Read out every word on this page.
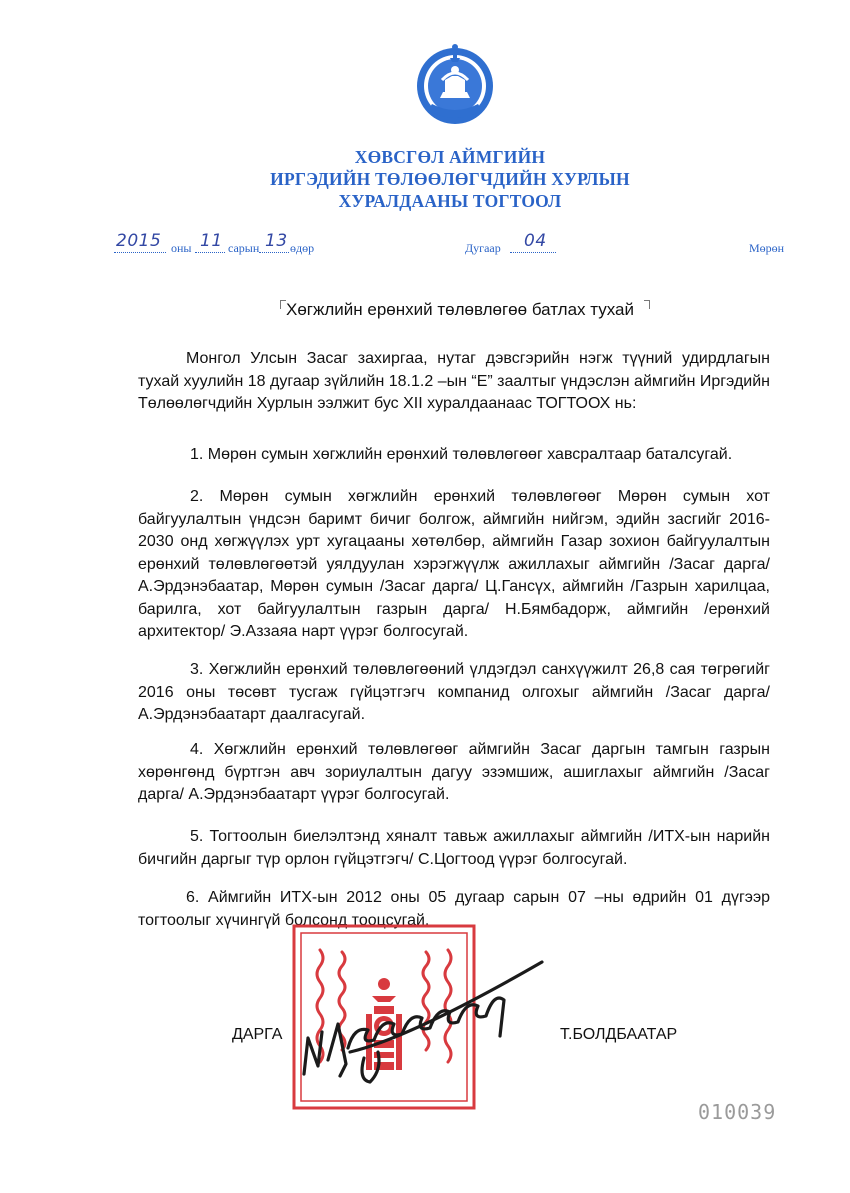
ХӨВСГӨЛ АЙМГИЙН
ИРГЭДИЙН ТӨЛӨӨЛӨГЧДИЙН ХУРЛЫН
ХУРАЛДААНЫ ТОГТООЛ
2015 оны 11 сарын 13 өдөр	Дугаар 04	Мөрөн
Хөгжлийн ерөнхий төлөвлөгөө батлах тухай
Монгол Улсын Засаг захиргаа, нутаг дэвсгэрийн нэгж түүний удирдлагын тухай хуулийн 18 дугаар зүйлийн 18.1.2 –ын “Е” заалтыг үндэслэн аймгийн Иргэдийн Төлөөлөгчдийн Хурлын ээлжит бус XII хуралдаанаас ТОГТООХ нь:
1. Мөрөн сумын хөгжлийн ерөнхий төлөвлөгөөг хавсралтаар баталсугай.
2. Мөрөн сумын хөгжлийн ерөнхий төлөвлөгөөг Мөрөн сумын хот байгуулалтын үндсэн баримт бичиг болгож, аймгийн нийгэм, эдийн засгийг 2016-2030 онд хөгжүүлэх урт хугацааны хөтөлбөр, аймгийн Газар зохион байгуулалтын ерөнхий төлөвлөгөөтэй уялдуулан хэрэгжүүлж ажиллахыг аймгийн /Засаг дарга/ А.Эрдэнэбаатар, Мөрөн сумын /Засаг дарга/ Ц.Гансүх, аймгийн /Газрын харилцаа, барилга, хот байгуулалтын газрын дарга/ Н.Бямбадорж, аймгийн /ерөнхий архитектор/ Э.Аззаяа нарт үүрэг болгосугай.
3. Хөгжлийн ерөнхий төлөвлөгөөний үлдэгдэл санхүүжилт 26,8 сая төгрөгийг 2016 оны төсөвт тусгаж гүйцэтгэгч компанид олгохыг аймгийн /Засаг дарга/ А.Эрдэнэбаатарт даалгасугай.
4. Хөгжлийн ерөнхий төлөвлөгөөг аймгийн Засаг даргын тамгын газрын хөрөнгөнд бүртгэн авч зориулалтын дагуу эзэмшиж, ашиглахыг аймгийн /Засаг дарга/ А.Эрдэнэбаатарт үүрэг болгосугай.
5. Тогтоолын биелэлтэнд хяналт тавьж ажиллахыг аймгийн /ИТХ-ын нарийн бичгийн даргыг түр орлон гүйцэтгэгч/ С.Цогтоод үүрэг болгосугай.
6. Аймгийн ИТХ-ын 2012 оны 05 дугаар сарын 07 –ны өдрийн 01 дүгээр тогтоолыг хүчингүй болсонд тооцсугай.
ДАРГА	Т.БОЛДБААТАР
010039
